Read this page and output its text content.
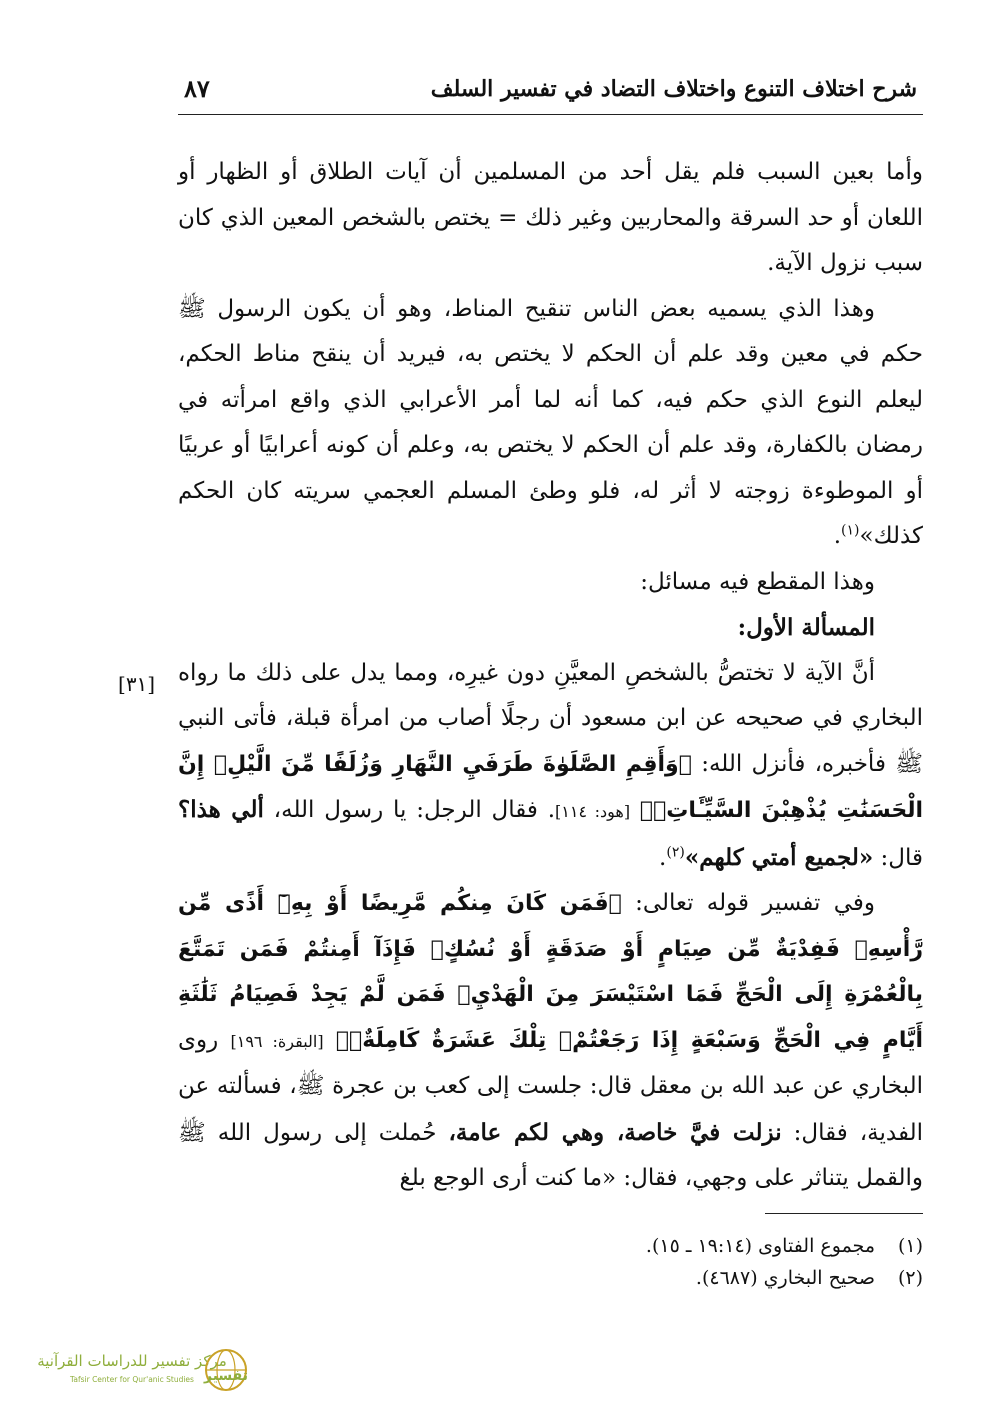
شرح اختلاف التنوع واختلاف التضاد في تفسير السلف
٨٧
[٣١]

وأما بعين السبب فلم يقل أحد من المسلمين أن آيات الطلاق أو الظهار أو اللعان أو حد السرقة والمحاربين وغير ذلك = يختص بالشخص المعين الذي كان سبب نزول الآية.

وهذا الذي يسميه بعض الناس تنقيح المناط، وهو أن يكون الرسول ﷺ حكم في معين وقد علم أن الحكم لا يختص به، فيريد أن ينقح مناط الحكم، ليعلم النوع الذي حكم فيه، كما أنه لما أمر الأعرابي الذي واقع امرأته في رمضان بالكفارة، وقد علم أن الحكم لا يختص به، وعلم أن كونه أعرابيًا أو عربيًا أو الموطوءة زوجته لا أثر له، فلو وطئ المسلم العجمي سريته كان الحكم كذلك»$^{(١)}$.

وهذا المقطع فيه مسائل:

المسألة الأول:

أنَّ الآية لا تختصُّ بالشخصِ المعيَّنِ دون غيرِه، ومما يدل على ذلك ما رواه البخاري في صحيحه عن ابن مسعود أن رجلًا أصاب من امرأة قبلة، فأتى النبي ﷺ فأخبره، فأنزل الله: ﴿وَأَقِمِ الصَّلَوٰةَ طَرَفَيِ النَّهَارِ وَزُلَفًا مِّنَ الَّيْلِۚ إِنَّ الْحَسَنَٰتِ يُذْهِبْنَ السَّيِّـَٔاتِۚ﴾ [هود: ١١٤]. فقال الرجل: يا رسول الله، ألي هذا؟ قال: «لجميع أمتي كلهم»$^{(٢)}$.

وفي تفسير قوله تعالى: ﴿فَمَن كَانَ مِنكُم مَّرِيضًا أَوْ بِهِۦٓ أَذًى مِّن رَّأْسِهِۦ فَفِدْيَةٌ مِّن صِيَامٍ أَوْ صَدَقَةٍ أَوْ نُسُكٍۚ فَإِذَآ أَمِنتُمْ فَمَن تَمَتَّعَ بِالْعُمْرَةِ إِلَى الْحَجِّ فَمَا اسْتَيْسَرَ مِنَ الْهَدْيِۚ فَمَن لَّمْ يَجِدْ فَصِيَامُ ثَلَٰثَةِ أَيَّامٍ فِي الْحَجِّ وَسَبْعَةٍ إِذَا رَجَعْتُمْۗ تِلْكَ عَشَرَةٌ كَامِلَةٌۗ﴾ [البقرة: ١٩٦] روى البخاري عن عبد الله بن معقل قال: جلست إلى كعب بن عجرة ﷺ، فسألته عن الفدية، فقال: نزلت فيَّ خاصة، وهي لكم عامة، حُملت إلى رسول الله ﷺ والقمل يتناثر على وجهي، فقال: «ما كنت أرى الوجع بلغ

(١)
مجموع الفتاوى (١٩:١٤ ـ ١٥).
(٢)
صحيح البخاري (٤٦٨٧).
مركز تفسير للدراسات القرآنية
Tafsir Center for Qur'anic Studies تفسير
